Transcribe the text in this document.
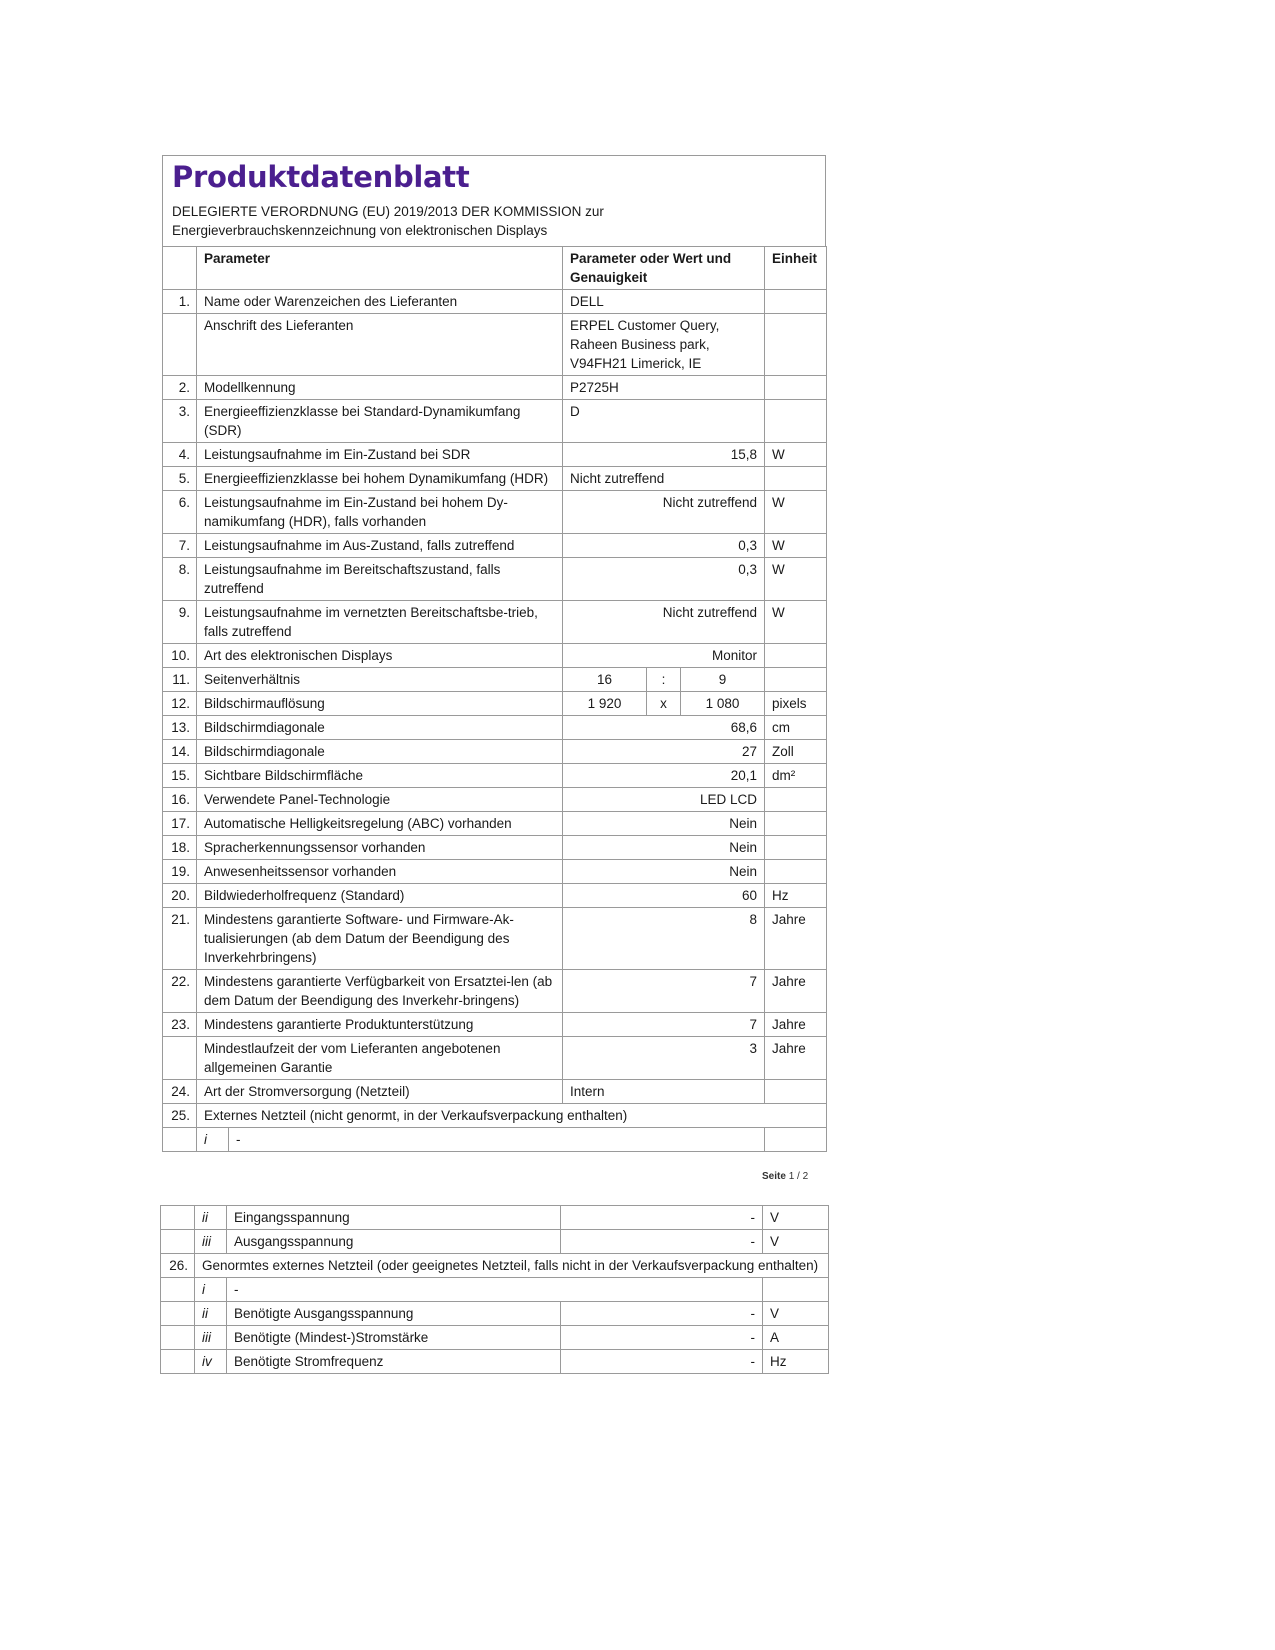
Produktdatenblatt
DELEGIERTE VERORDNUNG (EU) 2019/2013 DER KOMMISSION zur
Energieverbrauchskennzeichnung von elektronischen Displays
	Parameter		Parameter oder Wert und Genauigkeit			Einheit
1.	Name oder Warenzeichen des Lieferanten		DELL			
	Anschrift des Lieferanten		ERPEL Customer Query, Raheen Business park, V94FH21 Limerick, IE			
2.	Modellkennung		P2725H			
3.	Energieeffizienzklasse bei Standard-Dynamikumfang (SDR)		D			
4.	Leistungsaufnahme im Ein-Zustand bei SDR		15,8			W
5.	Energieeffizienzklasse bei hohem Dynamikumfang (HDR)		Nicht zutreffend			
6.	Leistungsaufnahme im Ein-Zustand bei hohem Dy-namikumfang (HDR), falls vorhanden		Nicht zutreffend			W
7.	Leistungsaufnahme im Aus-Zustand, falls zutreffend		0,3			W
8.	Leistungsaufnahme im Bereitschaftszustand, falls zutreffend		0,3			W
9.	Leistungsaufnahme im vernetzten Bereitschaftsbe-trieb, falls zutreffend		Nicht zutreffend			W
10.	Art des elektronischen Displays		Monitor			
11.	Seitenverhältnis		16	:	9	
12.	Bildschirmauflösung		1 920	x	1 080	pixels
13.	Bildschirmdiagonale		68,6			cm
14.	Bildschirmdiagonale		27			Zoll
15.	Sichtbare Bildschirmfläche		20,1			dm²
16.	Verwendete Panel-Technologie		LED LCD			
17.	Automatische Helligkeitsregelung (ABC) vorhanden		Nein			
18.	Spracherkennungssensor vorhanden		Nein			
19.	Anwesenheitssensor vorhanden		Nein			
20.	Bildwiederholfrequenz (Standard)		60			Hz
21.	Mindestens garantierte Software- und Firmware-Ak-tualisierungen (ab dem Datum der Beendigung des Inverkehrbringens)		8			Jahre
22.	Mindestens garantierte Verfügbarkeit von Ersatztei-len (ab dem Datum der Beendigung des Inverkehr-bringens)		7			Jahre
23.	Mindestens garantierte Produktunterstützung		7			Jahre
	Mindestlaufzeit der vom Lieferanten angebotenen allgemeinen Garantie		3			Jahre
24.	Art der Stromversorgung (Netzteil)		Intern			
25.	Externes Netzteil (nicht genormt, in der Verkaufsverpackung enthalten)					
	i	-				
Seite 1 / 2
	ii	Eingangsspannung	-	V
	iii	Ausgangsspannung	-	V
26.	Genormtes externes Netzteil (oder geeignetes Netzteil, falls nicht in der Verkaufsverpackung enthalten)			
	i	-		
	ii	Benötigte Ausgangsspannung	-	V
	iii	Benötigte (Mindest-)Stromstärke	-	A
	iv	Benötigte Stromfrequenz	-	Hz
